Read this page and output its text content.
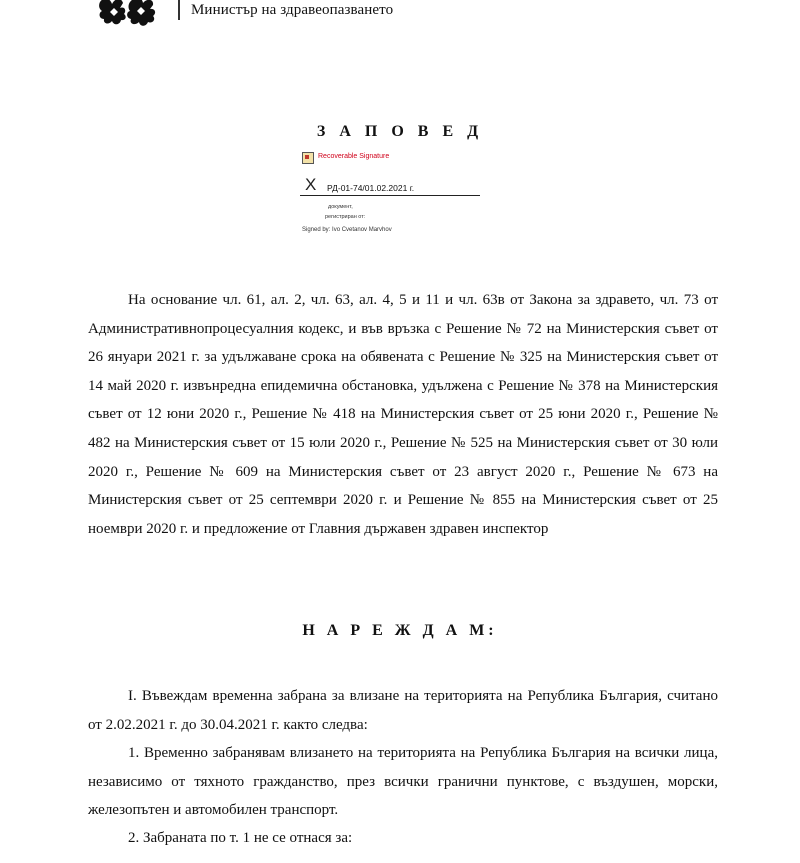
Министър на здравеопазването
З А П О В Е Д
Recoverable Signature
X РД-01-74/01.02.2021 г.
документ,
регистриран от:
Signed by: Ivo Cvetanov Marvhov
На основание чл. 61, ал. 2, чл. 63, ал. 4, 5 и 11 и чл. 63в от Закона за здравето, чл. 73 от Административнопроцесуалния кодекс, и във връзка с Решение № 72 на Министерския съвет от 26 януари 2021 г. за удължаване срока на обявената с Решение № 325 на Министерския съвет от 14 май 2020 г. извънредна епидемична обстановка, удължена с Решение № 378 на Министерския съвет от 12 юни 2020 г., Решение № 418 на Министерския съвет от 25 юни 2020 г., Решение № 482 на Министерския съвет от 15 юли 2020 г., Решение № 525 на Министерския съвет от 30 юли 2020 г., Решение № 609 на Министерския съвет от 23 август 2020 г., Решение № 673 на Министерския съвет от 25 септември 2020 г. и Решение № 855 на Министерския съвет от 25 ноември 2020 г. и предложение от Главния държавен здравен инспектор
Н А Р Е Ж Д А М:
I. Въвеждам временна забрана за влизане на територията на Република България, считано от 2.02.2021 г. до 30.04.2021 г. както следва:
1. Временно забранявам влизането на територията на Република България на всички лица, независимо от тяхното гражданство, през всички гранични пунктове, с въздушен, морски, железопътен и автомобилен транспорт.
2. Забраната по т. 1 не се отнася за:
